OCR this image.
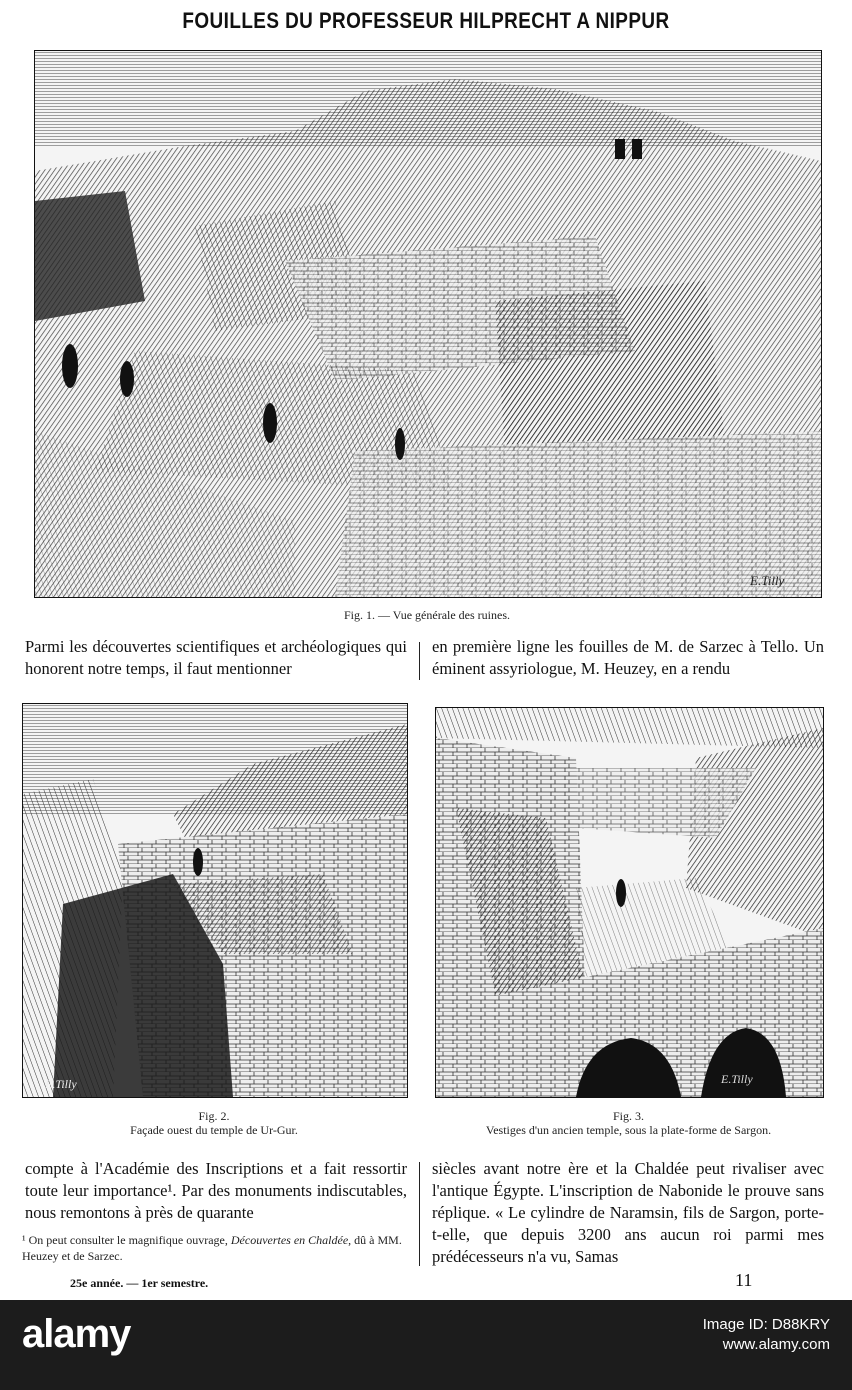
FOUILLES DU PROFESSEUR HILPRECHT A NIPPUR
E.Tilly
Fig. 1. — Vue générale des ruines.

Parmi les découvertes scientifiques et archéologiques qui honorent notre temps, il faut mentionner

en première ligne les fouilles de M. de Sarzec à Tello. Un éminent assyriologue, M. Heuzey, en a rendu

E.Tilly
Fig. 2.
Façade ouest du temple de Ur-Gur.
E.Tilly
Fig. 3.
Vestiges d'un ancien temple, sous la plate-forme de Sargon.

compte à l'Académie des Inscriptions et a fait ressortir toute leur importance¹. Par des monuments indiscutables, nous remontons à près de quarante

siècles avant notre ère et la Chaldée peut rivaliser avec l'antique Égypte. L'inscription de Nabonide le prouve sans réplique. « Le cylindre de Naramsin, fils de Sargon, porte-t-elle, que depuis 3200 ans aucun roi parmi mes prédécesseurs n'a vu, Samas

¹ On peut consulter le magnifique ouvrage, Découvertes en Chaldée, dû à MM. Heuzey et de Sarzec.
25e année. — 1er semestre.	11
alamy	Image ID: D88KRY
www.alamy.com
